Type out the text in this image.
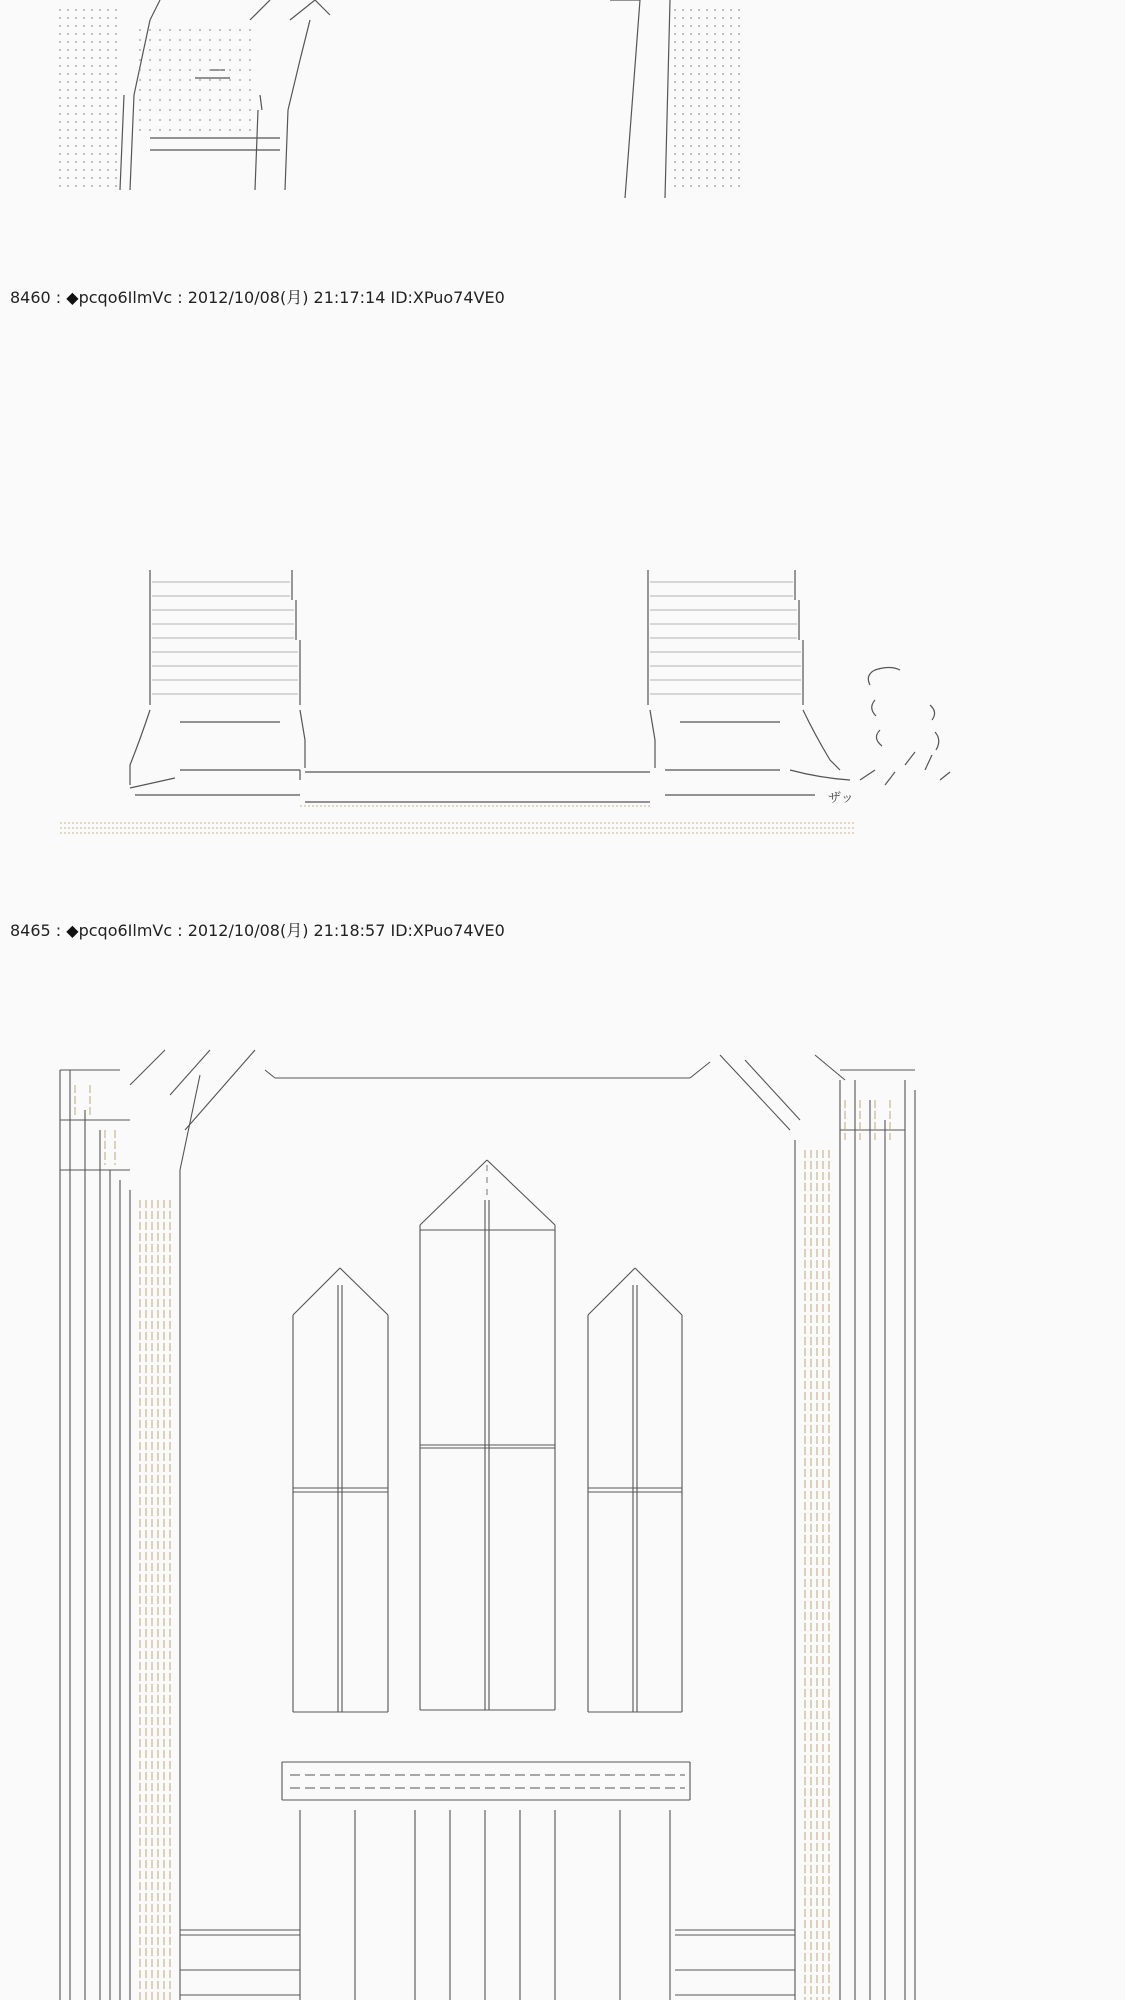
8460 : ◆pcqo6IlmVc : 2012/10/08(月) 21:17:14 ID:XPuo74VE0
ザッ
8465 : ◆pcqo6IlmVc : 2012/10/08(月) 21:18:57 ID:XPuo74VE0
